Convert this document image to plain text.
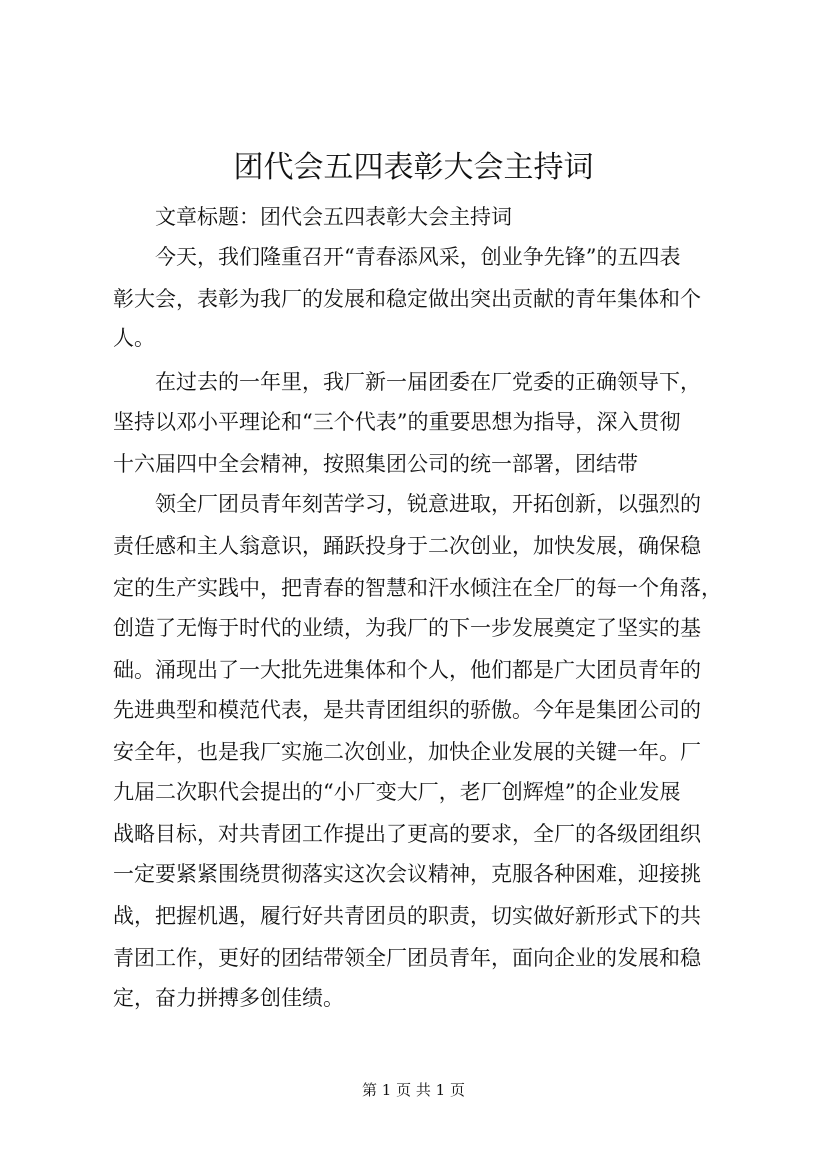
团代会五四表彰大会主持词
　　文章标题：团代会五四表彰大会主持词
　　今天，我们隆重召开“青春添风采，创业争先锋”的五四表
彰大会，表彰为我厂的发展和稳定做出突出贡献的青年集体和个
人。
　　在过去的一年里，我厂新一届团委在厂党委的正确领导下，
坚持以邓小平理论和“三个代表”的重要思想为指导，深入贯彻
十六届四中全会精神，按照集团公司的统一部署，团结带
　　领全厂团员青年刻苦学习，锐意进取，开拓创新，以强烈的
责任感和主人翁意识，踊跃投身于二次创业，加快发展，确保稳
定的生产实践中，把青春的智慧和汗水倾注在全厂的每一个角落，
创造了无悔于时代的业绩，为我厂的下一步发展奠定了坚实的基
础。涌现出了一大批先进集体和个人，他们都是广大团员青年的
先进典型和模范代表，是共青团组织的骄傲。今年是集团公司的
安全年，也是我厂实施二次创业，加快企业发展的关键一年。厂
九届二次职代会提出的“小厂变大厂，老厂创辉煌”的企业发展
战略目标，对共青团工作提出了更高的要求，全厂的各级团组织
一定要紧紧围绕贯彻落实这次会议精神，克服各种困难，迎接挑
战，把握机遇，履行好共青团员的职责，切实做好新形式下的共
青团工作，更好的团结带领全厂团员青年，面向企业的发展和稳
定，奋力拼搏多创佳绩。
第 1 页 共 1 页
